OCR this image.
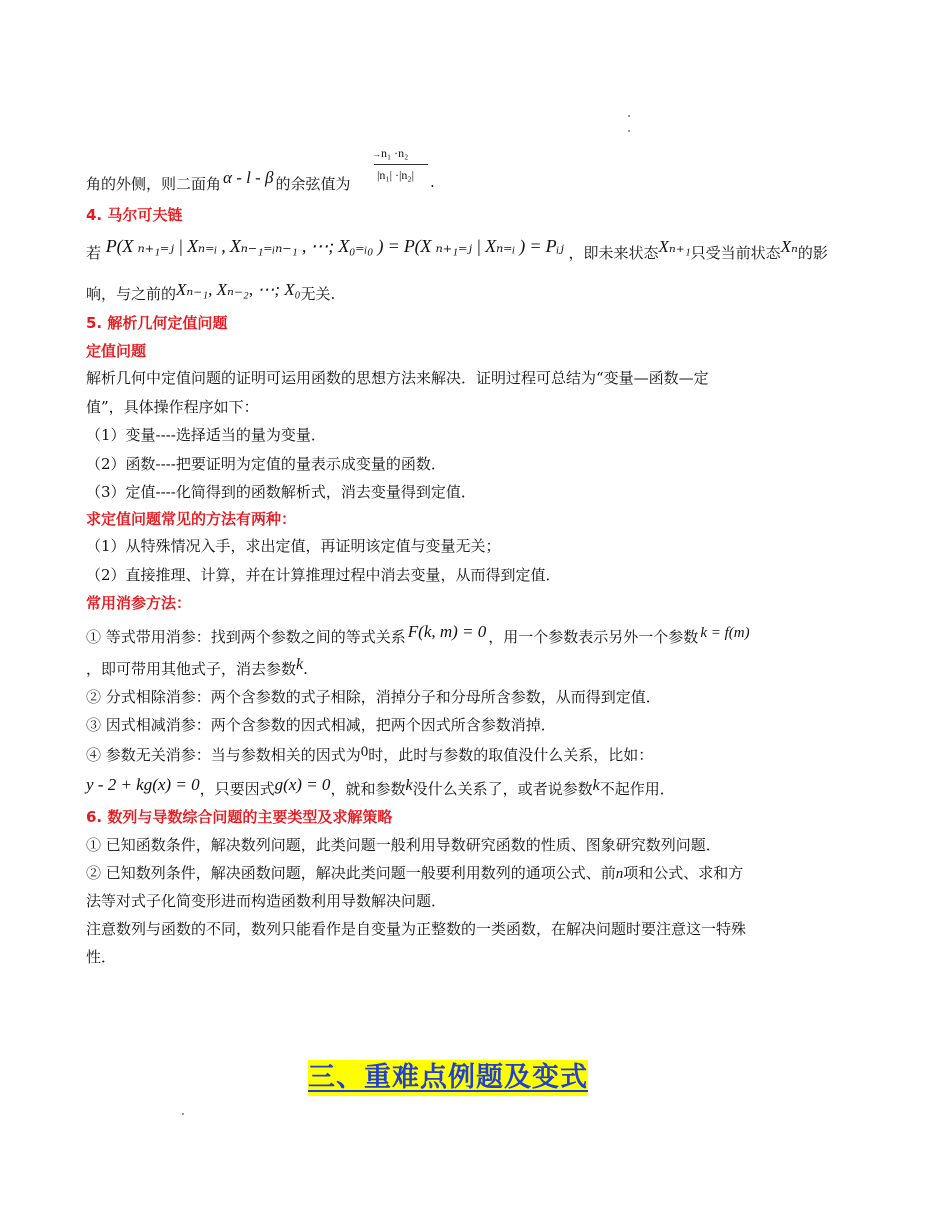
→n₁ ·n₂
|n₁| ·|n₂|
角的外侧，则二面角 α - l - β 的余弦值为	.
4. 马尔可夫链
若 P(X ₙ₊₁₌ⱼ | Xₙ₌ᵢ , Xₙ₋₁₌ᵢₙ₋₁ , ⋯; X₀₌ᵢ₀ ) = P(X ₙ₊₁₌ⱼ | Xₙ₌ᵢ ) = Pᵢⱼ ，即未来状态Xₙ₊₁只受当前状态Xₙ的影
响，与之前的Xₙ₋₁, Xₙ₋₂, ⋯; X₀无关.
5. 解析几何定值问题
定值问题
解析几何中定值问题的证明可运用函数的思想方法来解决．证明过程可总结为“变量—函数—定
值”，具体操作程序如下：
（1）变量----选择适当的量为变量．
（2）函数----把要证明为定值的量表示成变量的函数．
（3）定值----化简得到的函数解析式，消去变量得到定值．
求定值问题常见的方法有两种：
（1）从特殊情况入手，求出定值，再证明该定值与变量无关；
（2）直接推理、计算，并在计算推理过程中消去变量，从而得到定值．
常用消参方法：
① 等式带用消参：找到两个参数之间的等式关系 F(k, m) = 0 ，用一个参数表示另外一个参数 k = f(m)
，即可带用其他式子，消去参数k.
② 分式相除消参：两个含参数的式子相除，消掉分子和分母所含参数，从而得到定值．
③ 因式相减消参：两个含参数的因式相减，把两个因式所含参数消掉．
④ 参数无关消参：当与参数相关的因式为0时，此时与参数的取值没什么关系，比如：
y - 2 + kg(x) = 0，只要因式g(x) = 0，就和参数k没什么关系了，或者说参数k不起作用．
6. 数列与导数综合问题的主要类型及求解策略
① 已知函数条件，解决数列问题，此类问题一般利用导数研究函数的性质、图象研究数列问题．
② 已知数列条件，解决函数问题，解决此类问题一般要利用数列的通项公式、前n项和公式、求和方
法等对式子化简变形进而构造函数利用导数解决问题．
注意数列与函数的不同，数列只能看作是自变量为正整数的一类函数，在解决问题时要注意这一特殊
性．
三、重难点例题及变式
